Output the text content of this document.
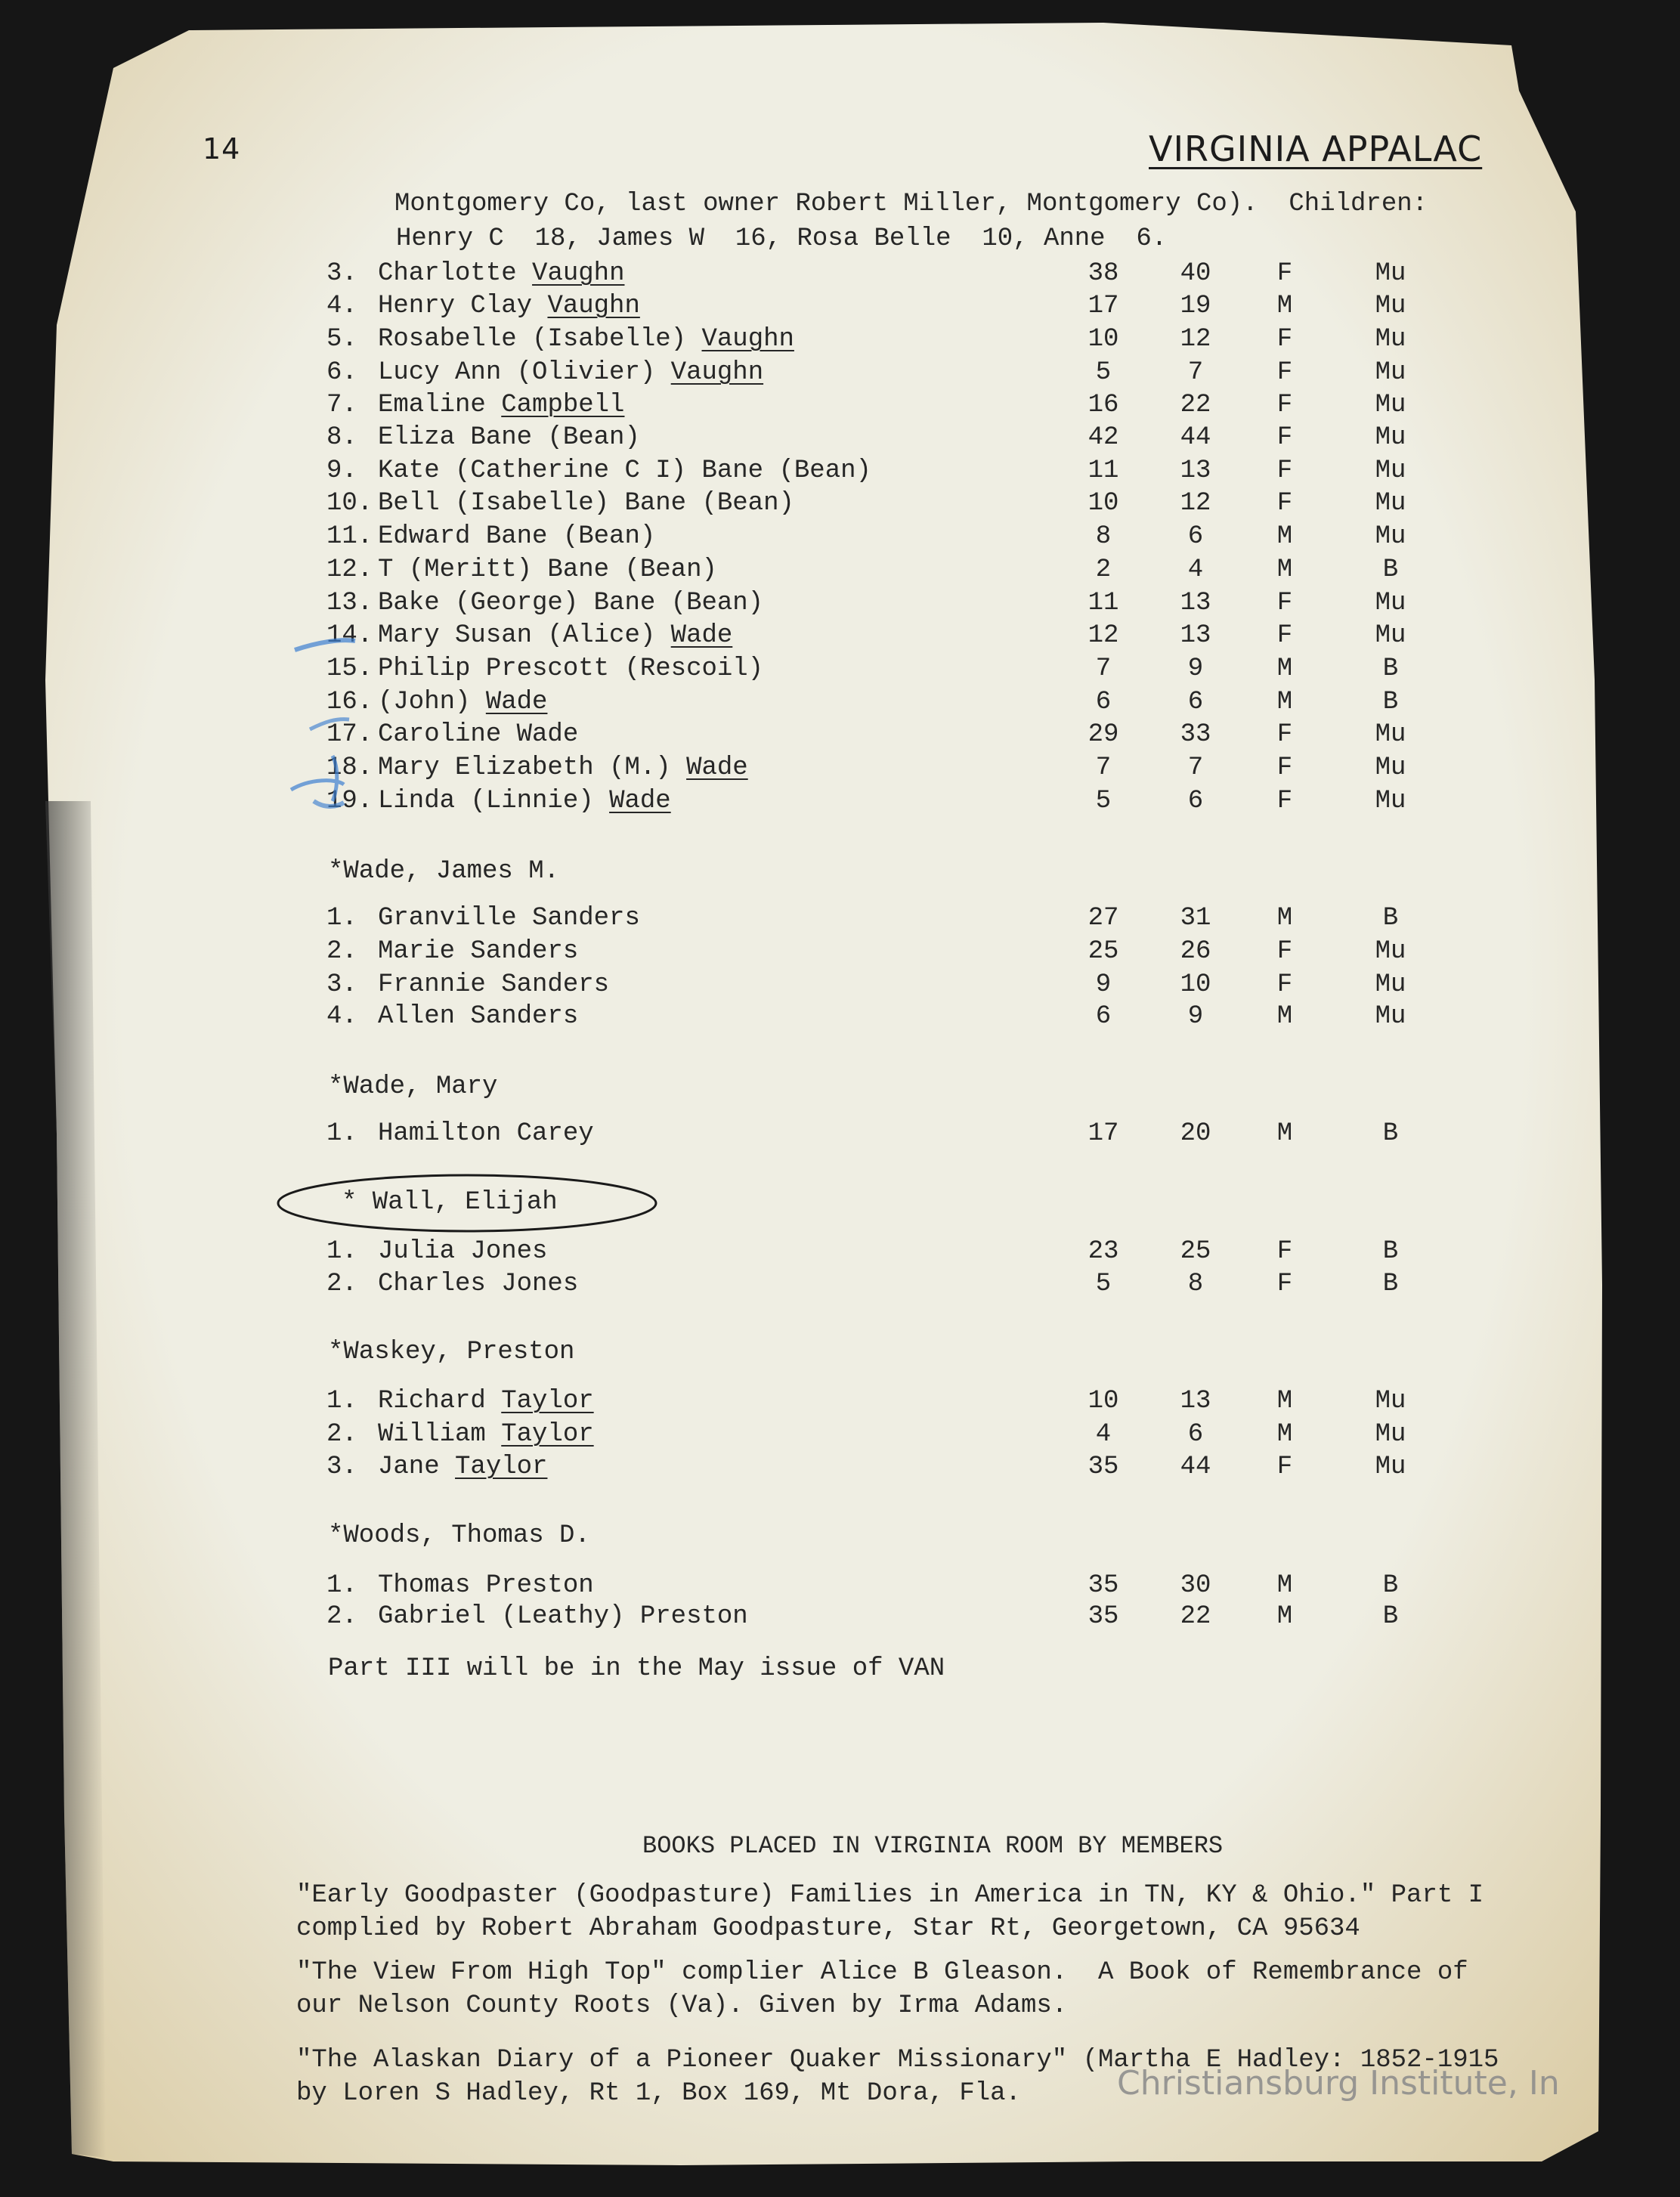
14	VIRGINIA APPALAC
Montgomery Co, last owner Robert Miller, Montgomery Co).  Children:
Henry C  18, James W  16, Rosa Belle  10, Anne  6.
3. Charlotte Vaughn	38 40	F	Mu
4. Henry Clay Vaughn	17 19	M	Mu
5. Rosabelle (Isabelle) Vaughn	10 12	F	Mu
6. Lucy Ann (Olivier) Vaughn	5	7	F	Mu
7. Emaline Campbell	16 22	F	Mu
8. Eliza Bane (Bean)	42 44	F	Mu
9. Kate (Catherine C I) Bane (Bean)	11 13	F	Mu
10. Bell (Isabelle) Bane (Bean)	10 12	F	Mu
11. Edward Bane (Bean)	8	6	M	Mu
12. T (Meritt) Bane (Bean)	2	4	M	B
13. Bake (George) Bane (Bean)	11 13	F	Mu
14. Mary Susan (Alice) Wade	12 13	F	Mu
15. Philip Prescott (Rescoil)	7	9	M	B
16. (John) Wade	6	6	M	B
17. Caroline Wade	29 33	F	Mu
18. Mary Elizabeth (M.) Wade	7	7	F	Mu
19. Linda (Linnie) Wade	5	6	F	Mu
*Wade, James M.
1. Granville Sanders	27 31	M	B
2. Marie Sanders	25 26	F	Mu
3. Frannie Sanders	9	10	F	Mu
4. Allen Sanders	6	9	M	Mu
*Wade, Mary
1. Hamilton Carey	17 20	M	B
* Wall, Elijah
1. Julia Jones	23 25	F	B
2. Charles Jones	5	8	F	B
*Waskey, Preston
1. Richard Taylor	10 13	M	Mu
2. William Taylor	4	6	M	Mu
3. Jane Taylor	35 44	F	Mu
*Woods, Thomas D.
1. Thomas Preston	35 30	M	B
2. Gabriel (Leathy) Preston	35 22	M	B
Part III will be in the May issue of VAN
BOOKS PLACED IN VIRGINIA ROOM BY MEMBERS
"Early Goodpaster (Goodpasture) Families in America in TN, KY & Ohio." Part I
complied by Robert Abraham Goodpasture, Star Rt, Georgetown, CA 95634
"The View From High Top" complier Alice B Gleason.  A Book of Remembrance of
our Nelson County Roots (Va). Given by Irma Adams.
"The Alaskan Diary of a Pioneer Quaker Missionary" (Martha E Hadley: 1852-1915
by Loren S Hadley, Rt 1, Box 169, Mt Dora, Fla.	Christiansburg Institute, In
